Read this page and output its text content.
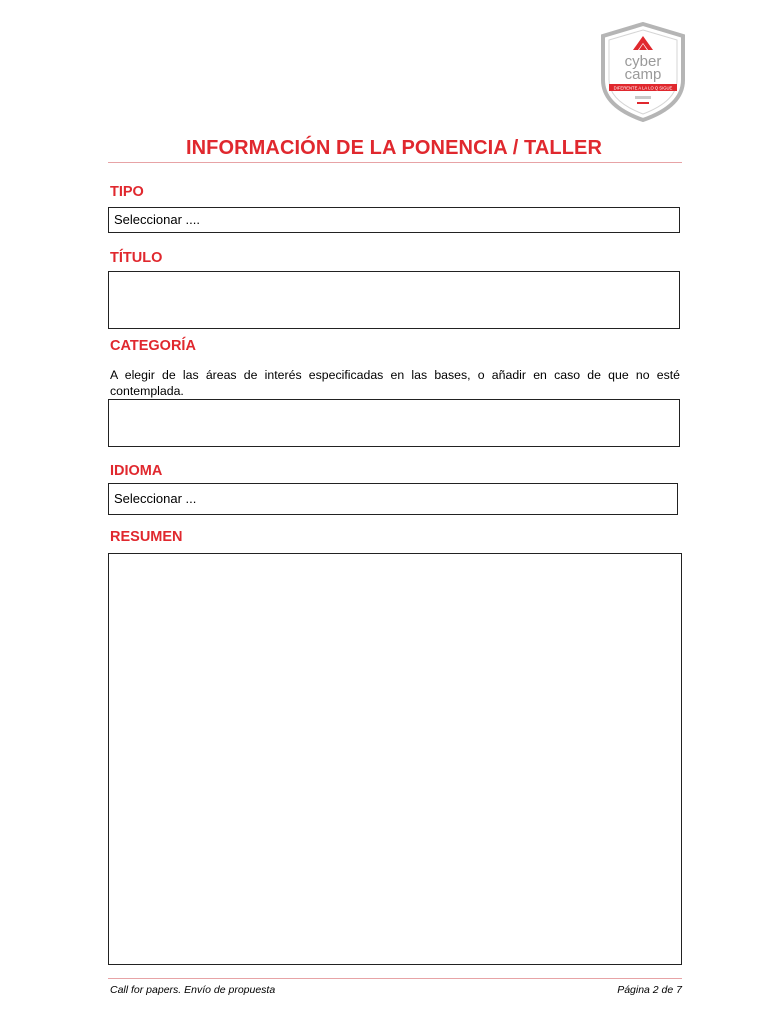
cyber
camp
DIFERENTE A LA LO Q SIGUE
INFORMACIÓN DE LA PONENCIA / TALLER
TIPO
Seleccionar ....
TÍTULO
CATEGORÍA
A elegir de las áreas de interés especificadas en las bases, o añadir en caso de que no esté contemplada.
IDIOMA
Seleccionar ...
RESUMEN
Call for papers. Envío de propuesta	Página 2 de 7
